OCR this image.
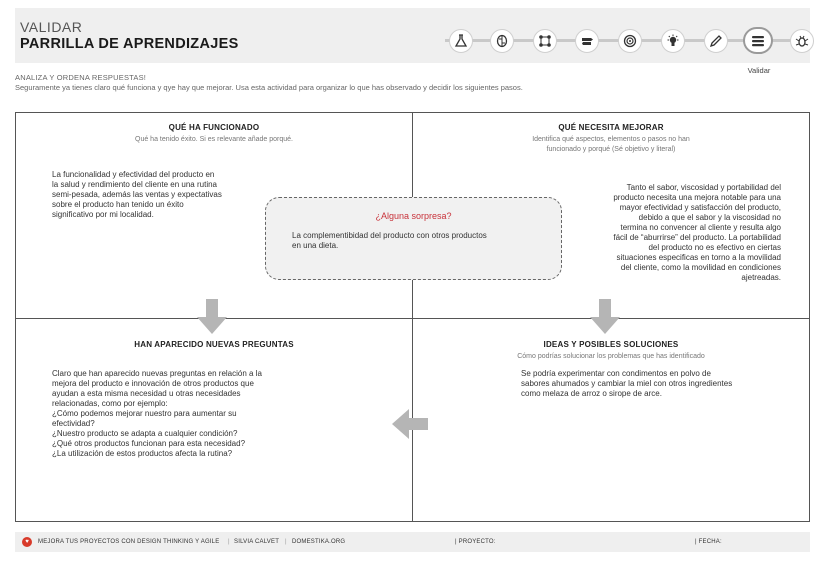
VALIDAR
PARRILLA DE APRENDIZAJES
Validar
ANALIZA Y ORDENA RESPUESTAS!
Seguramente ya tienes claro qué funciona y qye hay que mejorar. Usa esta actividad para organizar lo que has observado y decidir los siguientes pasos.
QUÉ HA FUNCIONADO
Qué ha tenido éxito. Si es relevante añade porqué.
La funcionalidad y efectividad del producto en
la salud y rendimiento del cliente en una rutina
semi-pesada, además las ventas y expectativas
sobre el producto han tenido un éxito
significativo por mi localidad.
QUÉ NECESITA MEJORAR
Identifica qué aspectos, elementos o pasos no han
funcionado y porqué (Sé objetivo y literal)
Tanto el sabor, viscosidad y portabilidad del
producto necesita una mejora notable para una
mayor efectividad y satisfacción del producto,
debido a que el sabor y la viscosidad no
termina no convencer al cliente y resulta algo
fácil de “aburrirse” del producto. La portabilidad
del producto no es efectivo en ciertas
situaciones especificas en torno a la movilidad
del cliente, como la movilidad en condiciones
ajetreadas.
HAN APARECIDO NUEVAS PREGUNTAS
Claro que han aparecido nuevas preguntas en relación a la
mejora del producto e innovación de otros productos que
ayudan a esta misma necesidad u otras necesidades
relacionadas, como por ejemplo:
¿Cómo podemos mejorar nuestro para aumentar su
efectividad?
¿Nuestro producto se adapta a cualquier condición?
¿Qué otros productos funcionan para esta necesidad?
¿La utilización de estos productos afecta la rutina?
IDEAS Y POSIBLES SOLUCIONES
Cómo podrías solucionar los problemas que has identificado
Se podría experimentar con condimentos en polvo de
sabores ahumados y cambiar la miel con otros ingredientes
como melaza de arroz o sirope de arce.
¿Alguna sorpresa?
La complementibidad del producto con otros productos
en una dieta.
♥	MEJORA TUS PROYECTOS CON DESIGN THINKING Y AGILE | SILVIA CALVET | DOMESTIKA.ORG	| PROYECTO:	| FECHA:
